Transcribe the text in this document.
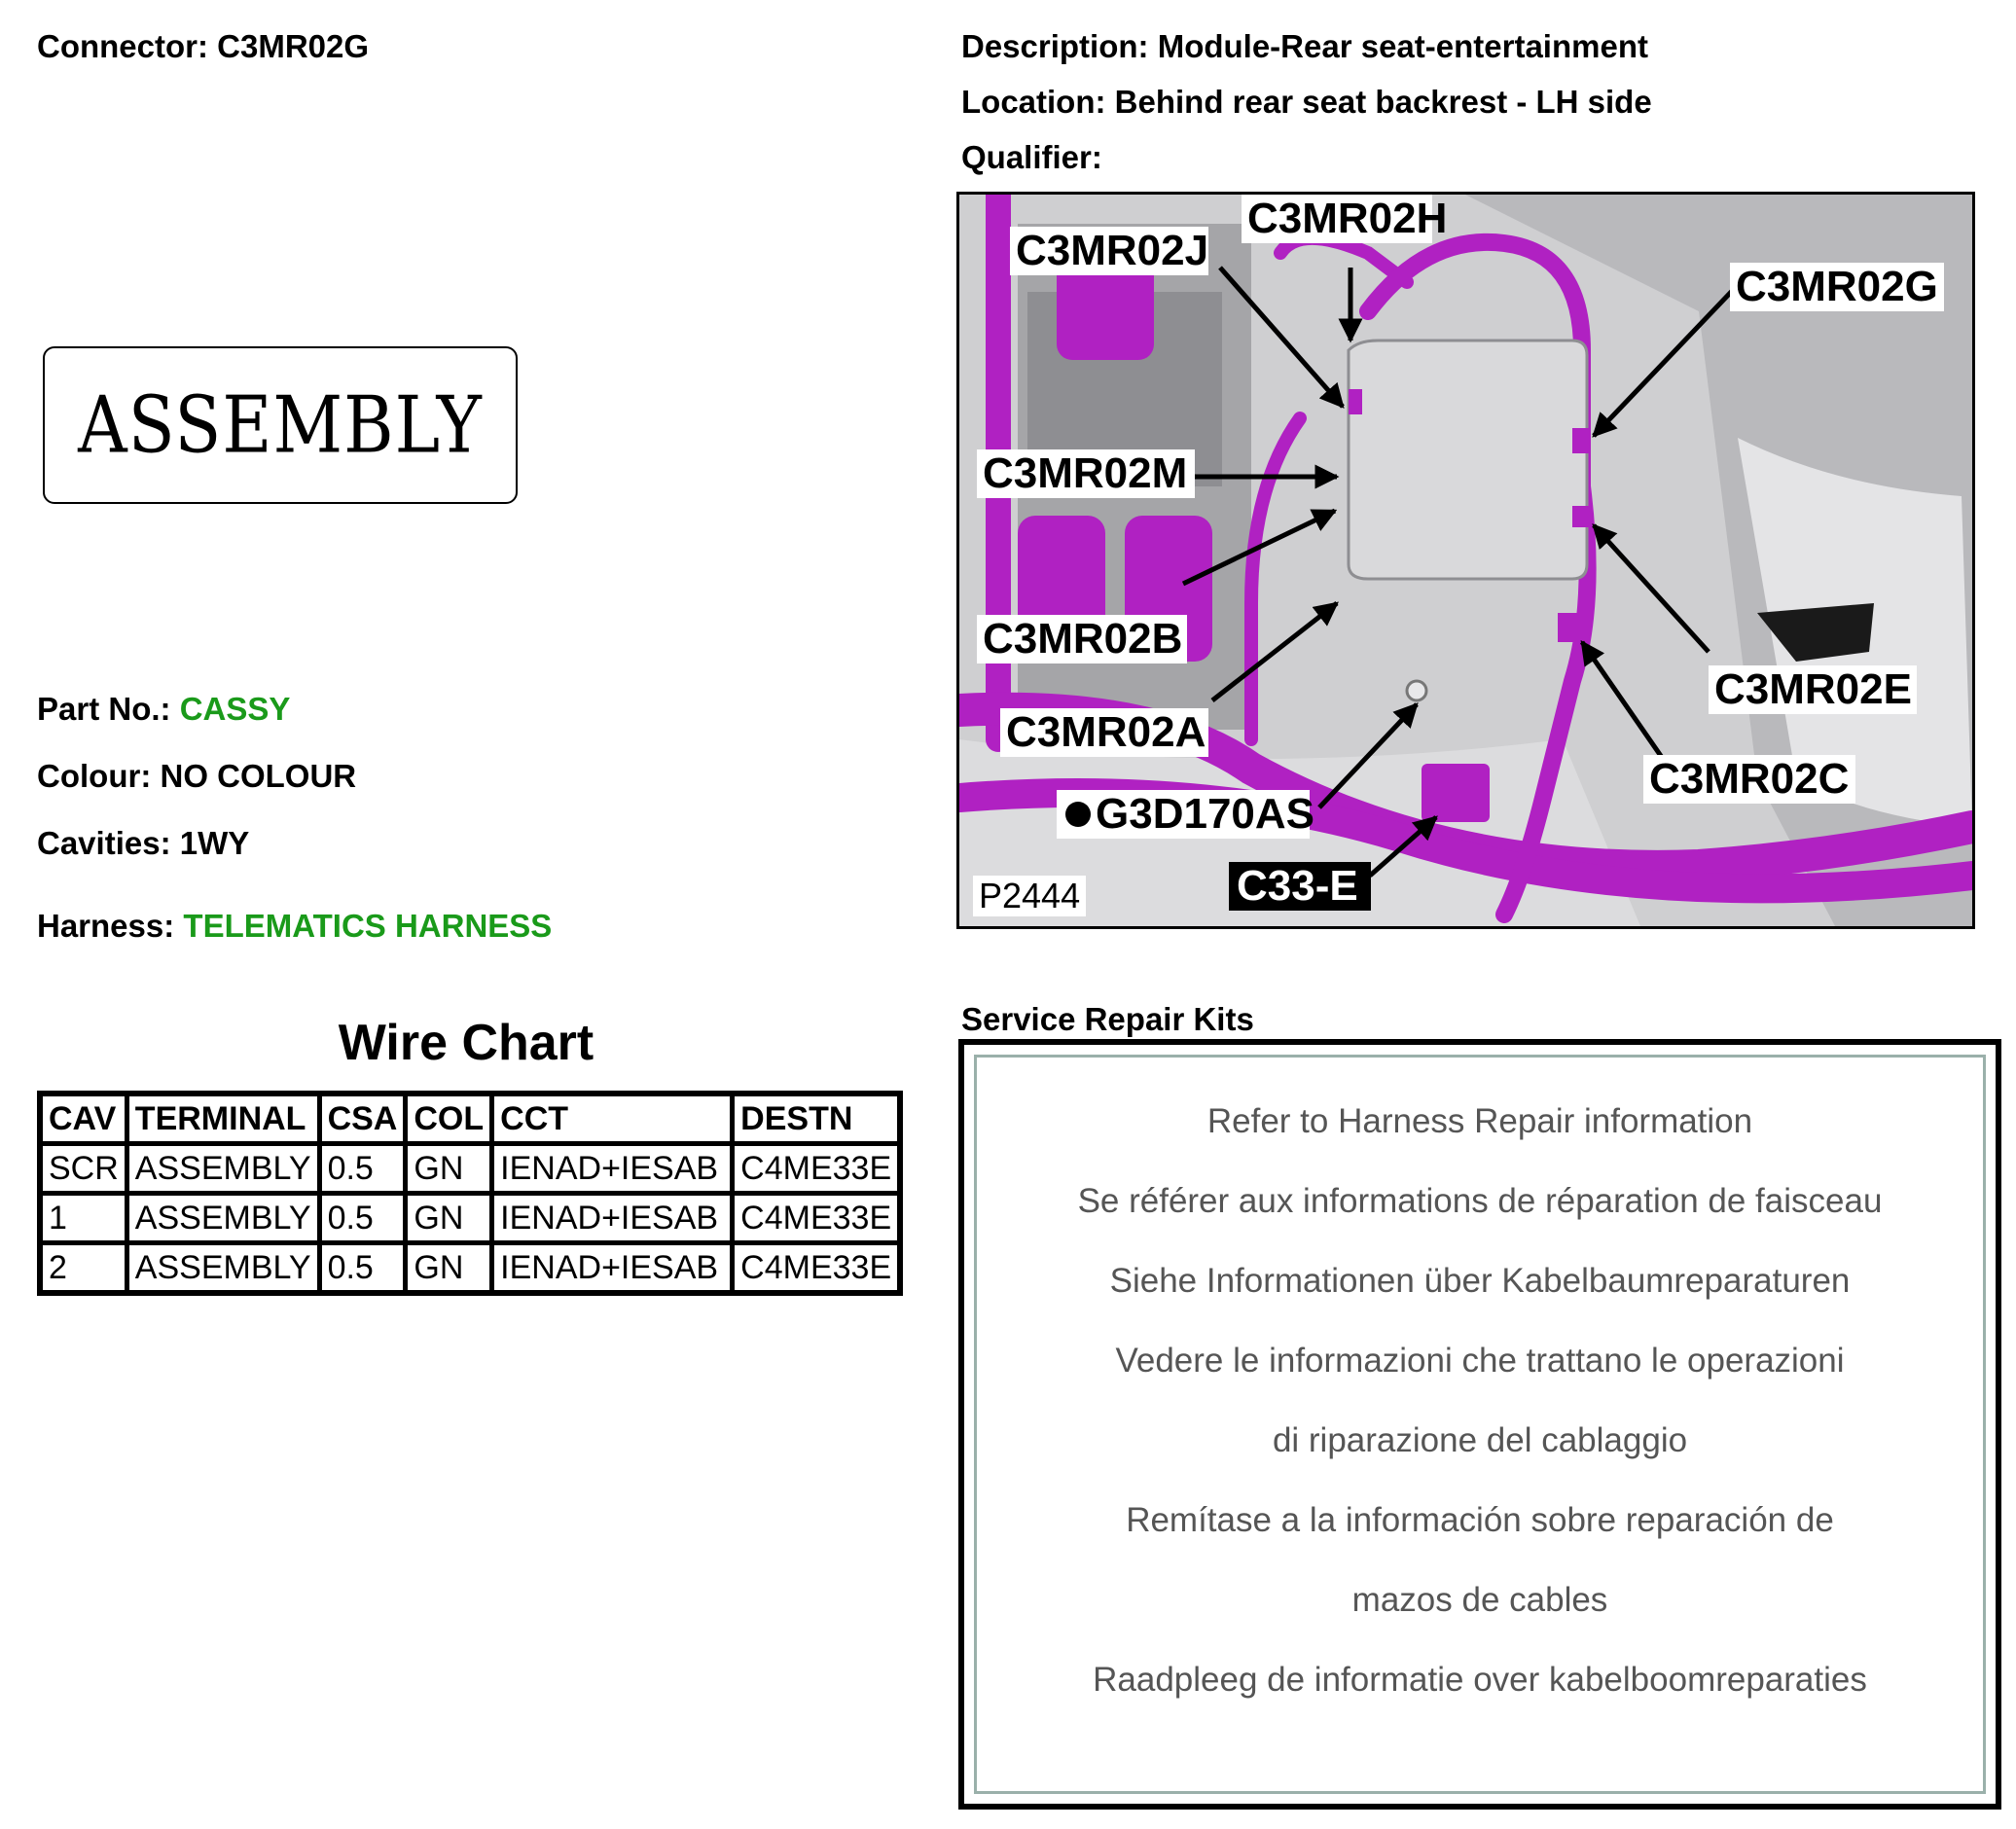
Connector: C3MR02G	Description: Module-Rear seat-entertainment
Location: Behind rear seat backrest - LH side
Qualifier:
ASSEMBLY
Part No.: CASSY
Colour: NO COLOUR
Cavities: 1WY
Harness: TELEMATICS HARNESS
Wire Chart
CAV	TERMINAL	CSA	COL	CCT	DESTN
SCR	ASSEMBLY	0.5	GN	IENAD+IESAB	C4ME33E
1	ASSEMBLY	0.5	GN	IENAD+IESAB	C4ME33E
2	ASSEMBLY	0.5	GN	IENAD+IESAB	C4ME33E
C3MR02H
C3MR02J
C3MR02G
C3MR02M
C3MR02B
C3MR02E
C3MR02A
C3MR02C
G3D170AS
C33-E
P2444
Service Repair Kits
Refer to Harness Repair information
Se référer aux informations de réparation de faisceau
Siehe Informationen über Kabelbaumreparaturen
Vedere le informazioni che trattano le operazioni
di riparazione del cablaggio
Remítase a la información sobre reparación de
mazos de cables
Raadpleeg de informatie over kabelboomreparaties
